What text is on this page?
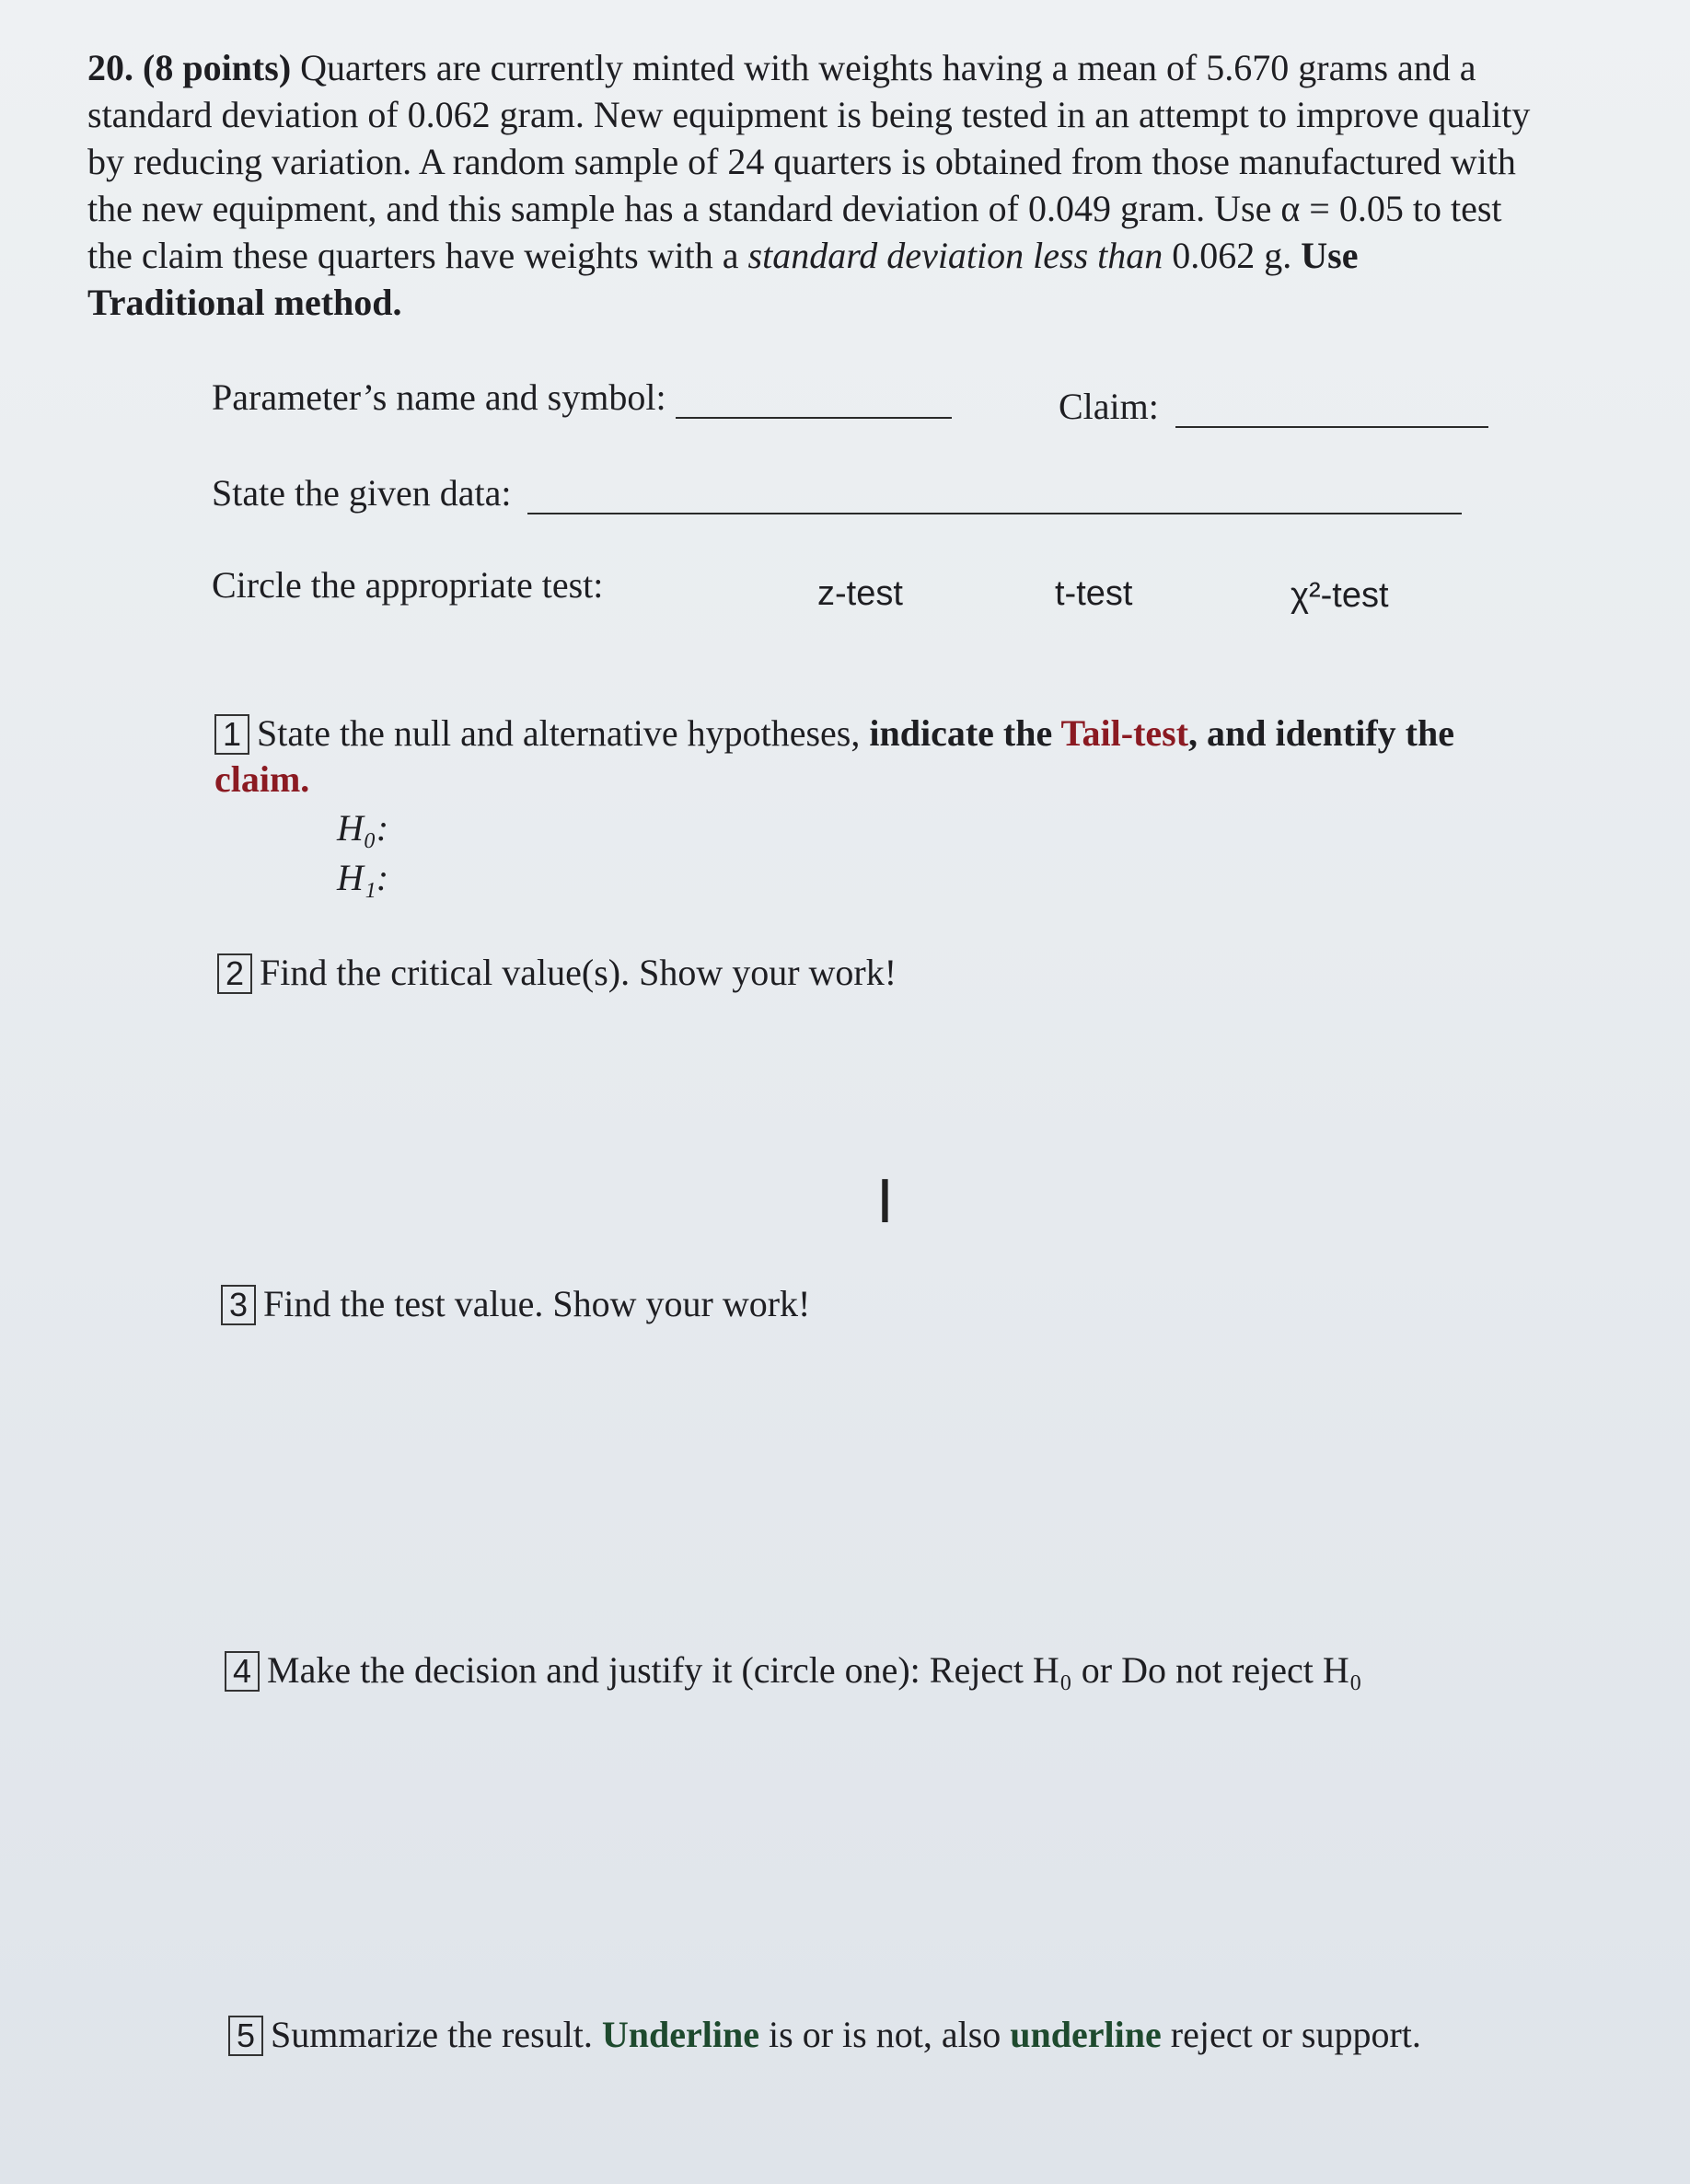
20. (8 points) Quarters are currently minted with weights having a mean of 5.670 grams and a standard deviation of 0.062 gram. New equipment is being tested in an attempt to improve quality by reducing variation. A random sample of 24 quarters is obtained from those manufactured with the new equipment, and this sample has a standard deviation of 0.049 gram. Use α = 0.05 to test the claim these quarters have weights with a standard deviation less than 0.062 g. Use Traditional method.
Parameter’s name and symbol:	Claim:
State the given data:
Circle the appropriate test:	z-test	t-test	χ²-test
1 State the null and alternative hypotheses, indicate the Tail-test, and identify the claim.
H₀:
H₁:
2 Find the critical value(s). Show your work!
I
3 Find the test value. Show your work!
4 Make the decision and justify it (circle one): Reject H₀ or Do not reject H₀
5 Summarize the result. Underline is or is not, also underline reject or support.
